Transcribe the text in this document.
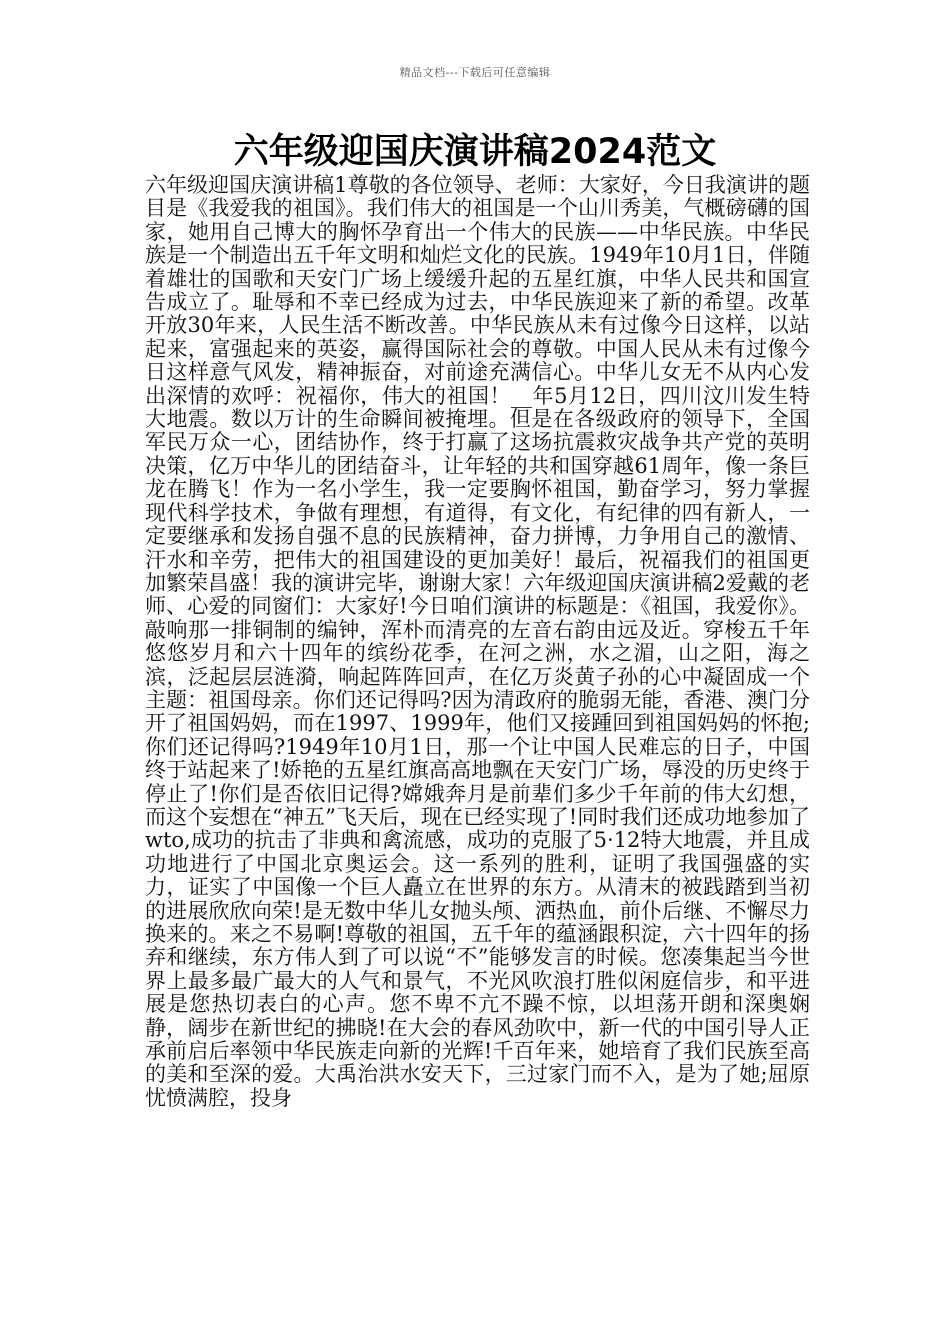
精品文档---下载后可任意编辑
六年级迎国庆演讲稿2024范文

六年级迎国庆演讲稿1尊敬的各位领导、老师：大家好，今日我演讲的题目是《我爱我的祖国》。我们伟大的祖国是一个山川秀美，气概磅礴的国家，她用自己博大的胸怀孕育出一个伟大的民族——中华民族。中华民族是一个制造出五千年文明和灿烂文化的民族。1949年10月1日，伴随着雄壮的国歌和天安门广场上缓缓升起的五星红旗，中华人民共和国宣告成立了。耻辱和不幸已经成为过去，中华民族迎来了新的希望。改革开放30年来，人民生活不断改善。中华民族从未有过像今日这样，以站起来，富强起来的英姿，赢得国际社会的尊敬。中国人民从未有过像今日这样意气风发，精神振奋，对前途充满信心。中华儿女无不从内心发出深情的欢呼：祝福你，伟大的祖国！__年5月12日，四川汶川发生特大地震。数以万计的生命瞬间被掩埋。但是在各级政府的领导下，全国军民万众一心，团结协作，终于打赢了这场抗震救灾战争共产党的英明决策，亿万中华儿的团结奋斗，让年轻的共和国穿越61周年，像一条巨龙在腾飞！作为一名小学生，我一定要胸怀祖国，勤奋学习，努力掌握现代科学技术，争做有理想，有道得，有文化，有纪律的四有新人，一定要继承和发扬自强不息的民族精神，奋力拼博，力争用自己的激情、汗水和辛劳，把伟大的祖国建设的更加美好！最后，祝福我们的祖国更加繁荣昌盛！我的演讲完毕，谢谢大家！六年级迎国庆演讲稿2爱戴的老师、心爱的同窗们：大家好!今日咱们演讲的标题是：《祖国，我爱你》。敲响那一排铜制的编钟，浑朴而清亮的左音右韵由远及近。穿梭五千年悠悠岁月和六十四年的缤纷花季，在河之洲，水之湄，山之阳，海之滨，泛起层层涟漪，响起阵阵回声，在亿万炎黄子孙的心中凝固成一个主题：祖国母亲。你们还记得吗?因为清政府的脆弱无能，香港、澳门分开了祖国妈妈，而在1997、1999年，他们又接踵回到祖国妈妈的怀抱;你们还记得吗?1949年10月1日，那一个让中国人民难忘的日子，中国终于站起来了!娇艳的五星红旗高高地飘在天安门广场，辱没的历史终于停止了!你们是否依旧记得?嫦娥奔月是前辈们多少千年前的伟大幻想，而这个妄想在“神五”飞天后，现在已经实现了!同时我们还成功地参加了wto,成功的抗击了非典和禽流感，成功的克服了5·12特大地震，并且成功地进行了中国北京奥运会。这一系列的胜利，证明了我国强盛的实力，证实了中国像一个巨人矗立在世界的东方。从清末的被践踏到当初的进展欣欣向荣!是无数中华儿女抛头颅、洒热血，前仆后继、不懈尽力换来的。来之不易啊!尊敬的祖国，五千年的蕴涵跟积淀，六十四年的扬弃和继续，东方伟人到了可以说“不”能够发言的时候。您凑集起当今世界上最多最广最大的人气和景气，不光风吹浪打胜似闲庭信步，和平进展是您热切表白的心声。您不卑不亢不躁不惊，以坦荡开朗和深奥娴静，阔步在新世纪的拂晓!在大会的春风劲吹中，新一代的中国引导人正承前启后率领中华民族走向新的光辉!千百年来，她培育了我们民族至高的美和至深的爱。大禹治洪水安天下，三过家门而不入，是为了她;屈原忧愤满腔，投身
